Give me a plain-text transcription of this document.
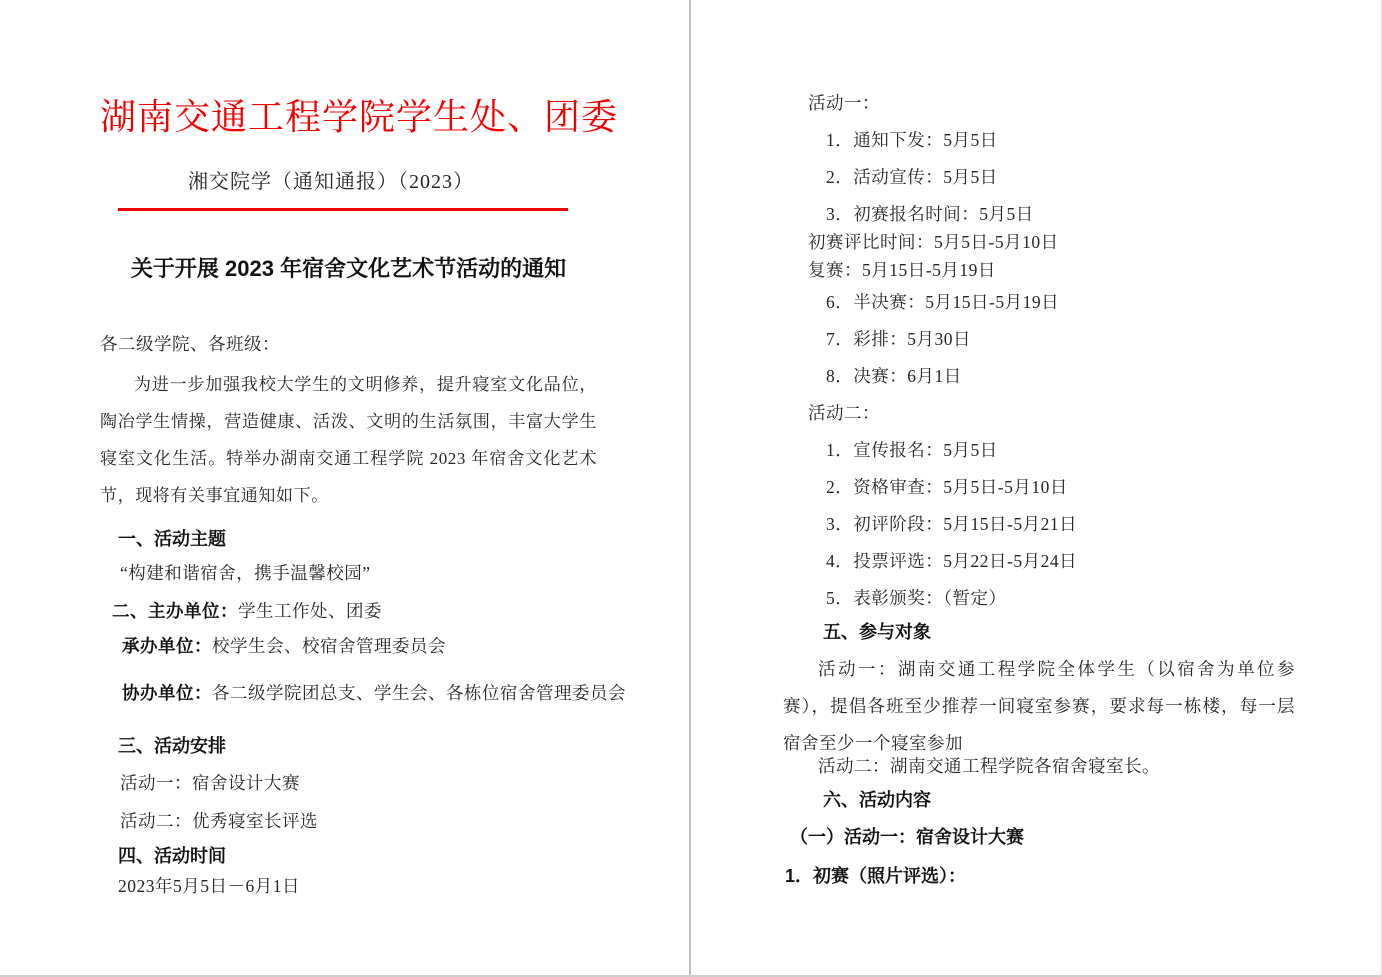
湖南交通工程学院学生处、团委
湘交院学（通知通报）（2023）
关于开展 2023 年宿舍文化艺术节活动的通知
各二级学院、各班级：
为进一步加强我校大学生的文明修养，提升寝室文化品位，陶冶学生情操，营造健康、活泼、文明的生活氛围，丰富大学生寝室文化生活。特举办湖南交通工程学院 2023 年宿舍文化艺术节，现将有关事宜通知如下。
一、活动主题
“构建和谐宿舍，携手温馨校园”
二、主办单位：学生工作处、团委
承办单位：校学生会、校宿舍管理委员会
协办单位：各二级学院团总支、学生会、各栋位宿舍管理委员会
三、活动安排
活动一：宿舍设计大赛
活动二：优秀寝室长评选
四、活动时间
2023年5月5日－6月1日
活动一：
1．通知下发：5月5日
2．活动宣传：5月5日
3．初赛报名时间：5月5日
初赛评比时间：5月5日-5月10日
复赛：5月15日-5月19日
6．半决赛：5月15日-5月19日
7．彩排：5月30日
8．决赛：6月1日
活动二：
1．宣传报名：5月5日
2．资格审查：5月5日-5月10日
3．初评阶段：5月15日-5月21日
4．投票评选：5月22日-5月24日
5．表彰颁奖：（暂定）
五、参与对象
活动一：湖南交通工程学院全体学生（以宿舍为单位参赛），提倡各班至少推荐一间寝室参赛，要求每一栋楼，每一层宿舍至少一个寝室参加
活动二：湖南交通工程学院各宿舍寝室长。
六、活动内容
（一）活动一：宿舍设计大赛
1．初赛（照片评选）：
